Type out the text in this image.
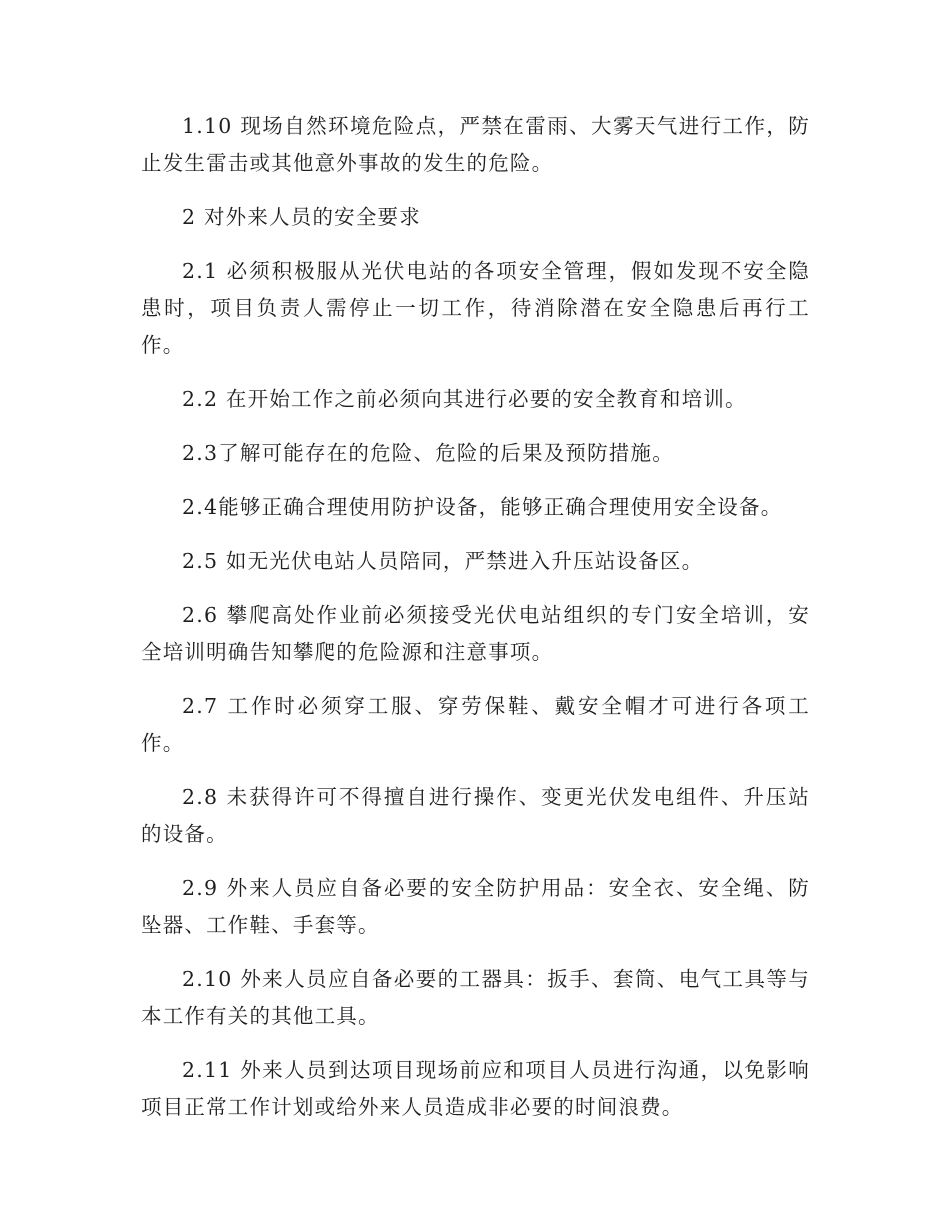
1.10 现场自然环境危险点，严禁在雷雨、大雾天气进行工作，防止发生雷击或其他意外事故的发生的危险。

2 对外来人员的安全要求

2.1 必须积极服从光伏电站的各项安全管理，假如发现不安全隐患时，项目负责人需停止一切工作，待消除潜在安全隐患后再行工作。

2.2 在开始工作之前必须向其进行必要的安全教育和培训。

2.3了解可能存在的危险、危险的后果及预防措施。

2.4能够正确合理使用防护设备，能够正确合理使用安全设备。

2.5 如无光伏电站人员陪同，严禁进入升压站设备区。

2.6 攀爬高处作业前必须接受光伏电站组织的专门安全培训，安全培训明确告知攀爬的危险源和注意事项。

2.7 工作时必须穿工服、穿劳保鞋、戴安全帽才可进行各项工作。

2.8 未获得许可不得擅自进行操作、变更光伏发电组件、升压站的设备。

2.9 外来人员应自备必要的安全防护用品：安全衣、安全绳、防坠器、工作鞋、手套等。

2.10 外来人员应自备必要的工器具：扳手、套筒、电气工具等与本工作有关的其他工具。

2.11 外来人员到达项目现场前应和项目人员进行沟通，以免影响项目正常工作计划或给外来人员造成非必要的时间浪费。
